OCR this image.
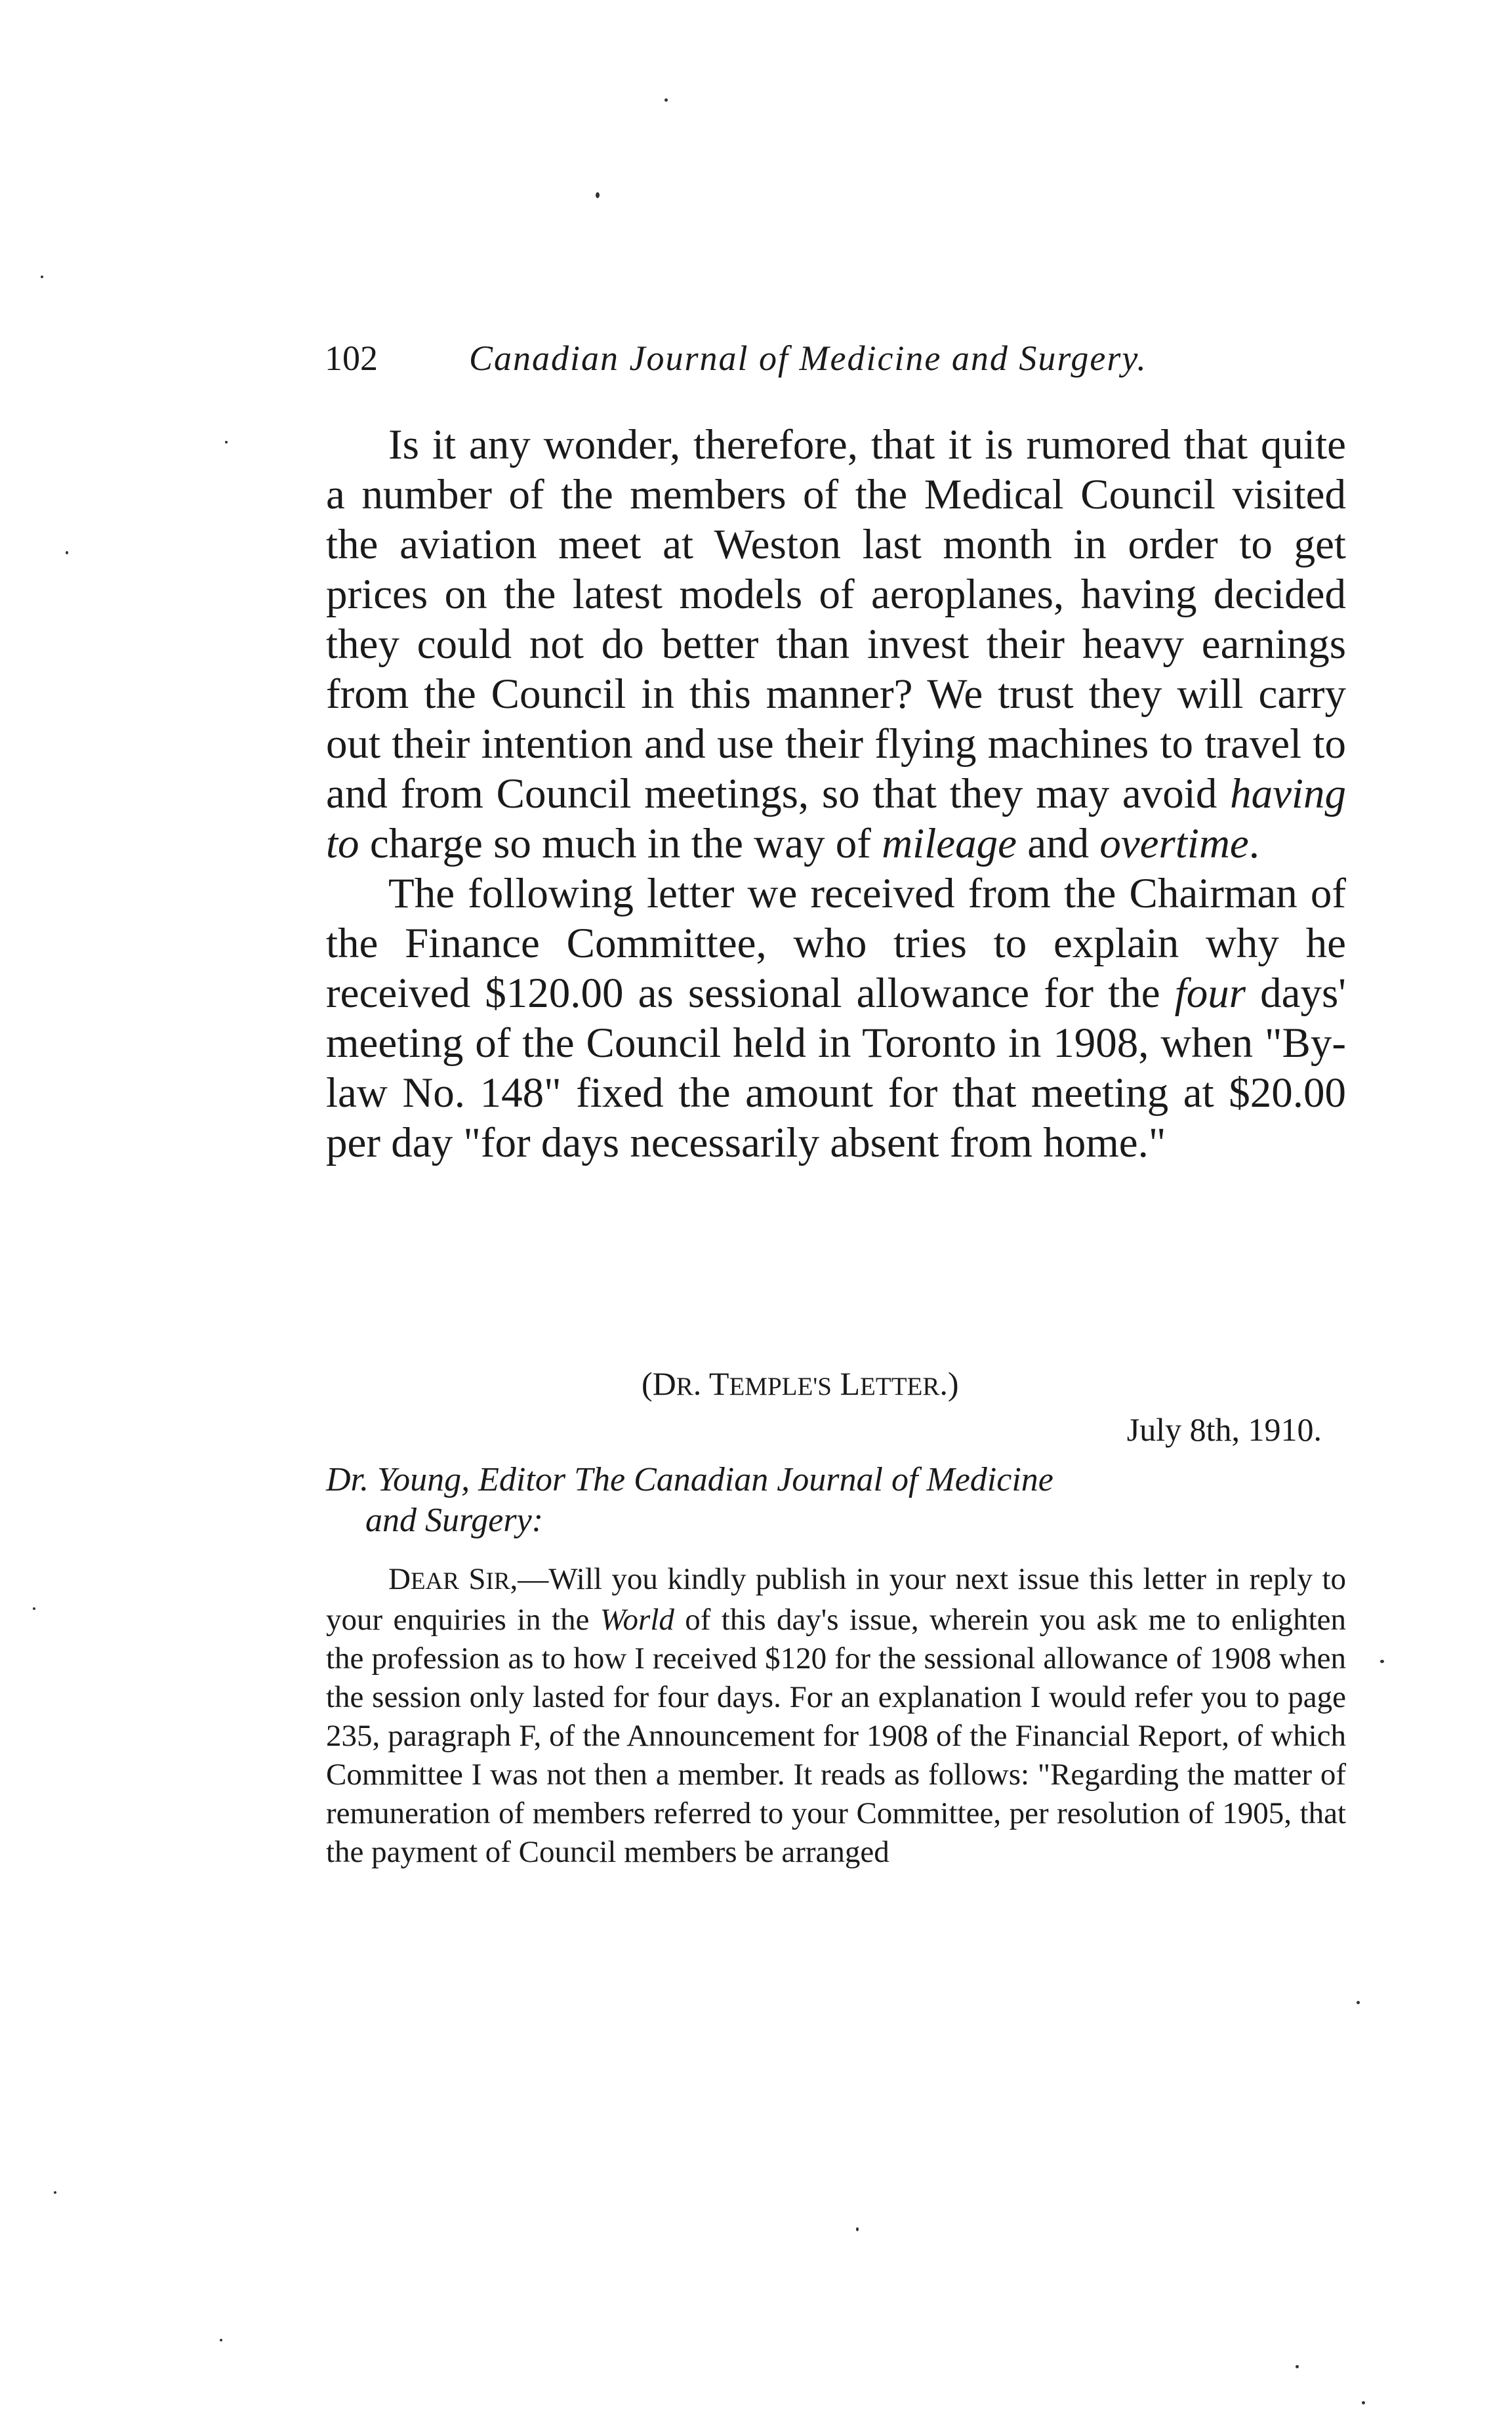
102	Canadian Journal of Medicine and Surgery.

Is it any wonder, therefore, that it is rumored that quite a number of the members of the Medical Council visited the aviation meet at Weston last month in order to get prices on the latest models of aeroplanes, having decided they could not do better than invest their heavy earnings from the Council in this manner? We trust they will carry out their intention and use their flying machines to travel to and from Council meetings, so that they may avoid having to charge so much in the way of mileage and overtime.

The following letter we received from the Chairman of the Finance Committee, who tries to explain why he received $120.00 as sessional allowance for the four days' meeting of the Council held in Toronto in 1908, when "By-law No. 148" fixed the amount for that meeting at $20.00 per day "for days necessarily absent from home."

(DR. TEMPLE'S LETTER.)
July 8th, 1910.
Dr. Young, Editor The Canadian Journal of Medicine
and Surgery:

DEAR SIR,—Will you kindly publish in your next issue this letter in reply to your enquiries in the World of this day's issue, wherein you ask me to enlighten the profession as to how I received $120 for the sessional allowance of 1908 when the session only lasted for four days. For an explanation I would refer you to page 235, paragraph F, of the Announcement for 1908 of the Financial Report, of which Committee I was not then a member. It reads as follows: "Regarding the matter of remuneration of members referred to your Committee, per resolution of 1905, that the payment of Council members be arranged
